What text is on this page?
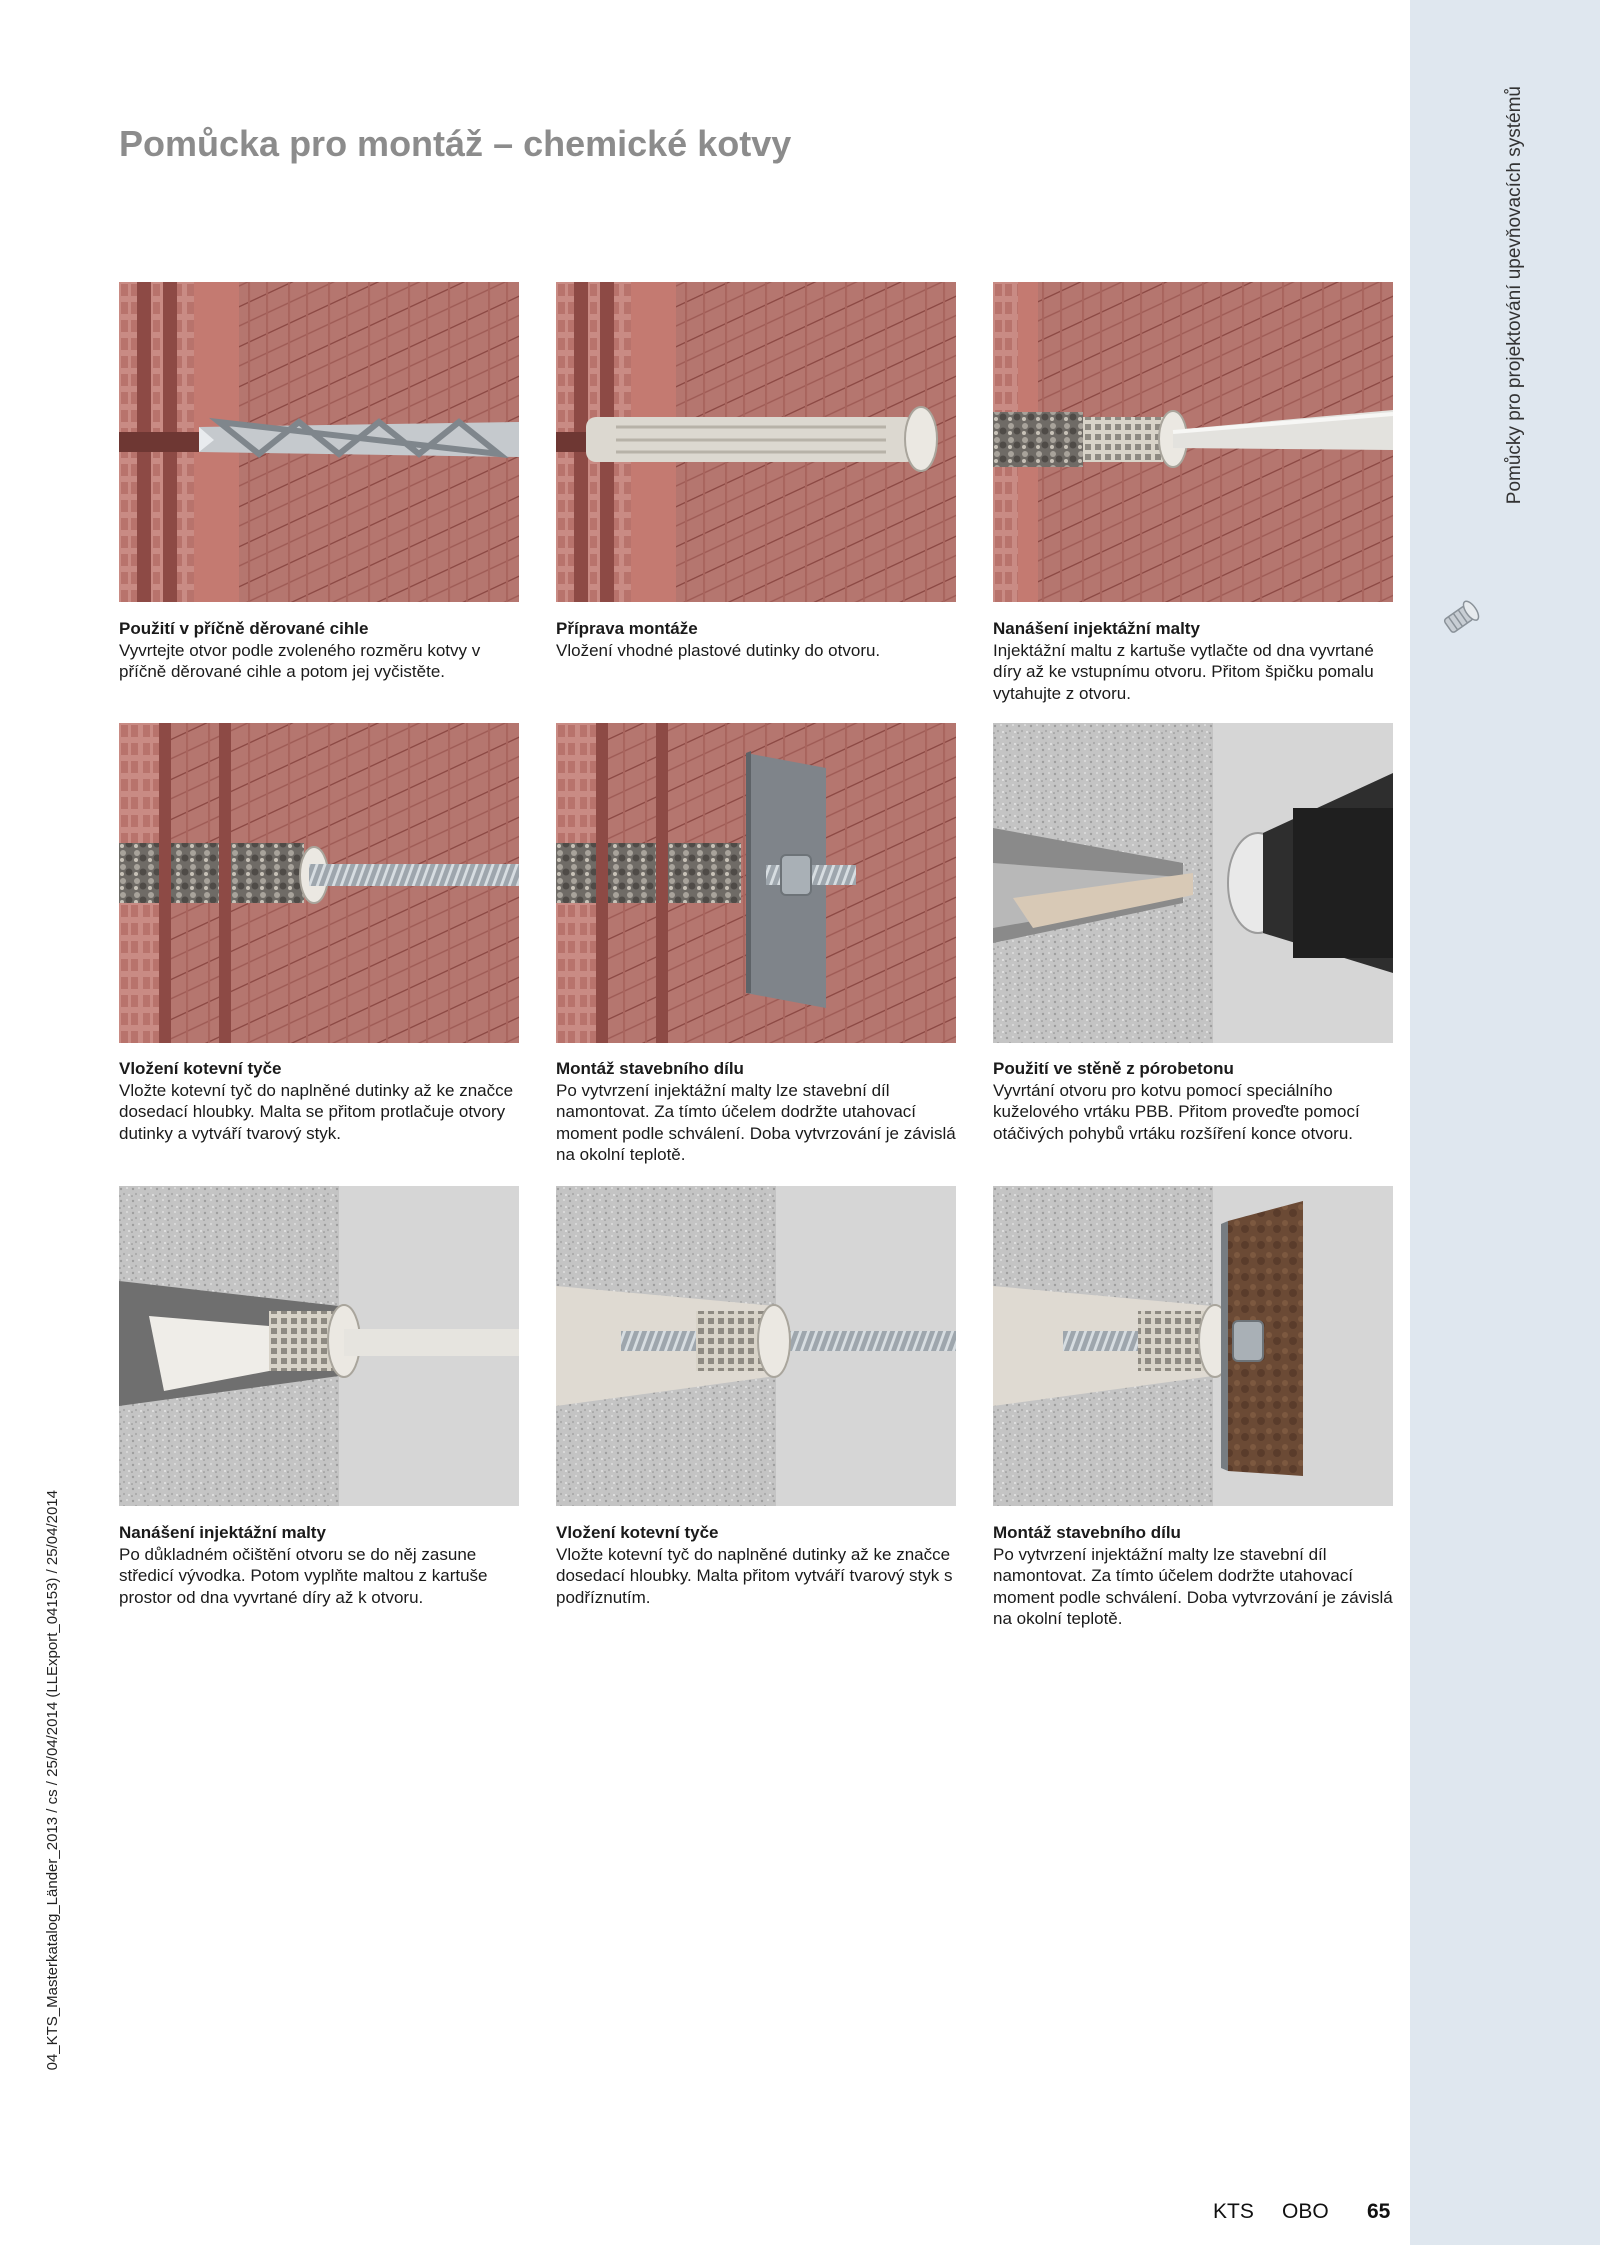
Pomůcky pro projektování upevňovacích systémů
Pomůcka pro montáž – chemické kotvy
Použití v příčně děrované cihle
Vyvrtejte otvor podle zvoleného rozměru kotvy v příčně děrované cihle a potom jej vyčistěte.
Příprava montáže
Vložení vhodné plastové dutinky do otvoru.
Nanášení injektážní malty
Injektážní maltu z kartuše vytlačte od dna vyvrtané díry až ke vstupnímu otvoru. Přitom špičku pomalu vytahujte z otvoru.
Vložení kotevní tyče
Vložte kotevní tyč do naplněné dutinky až ke značce dosedací hloubky. Malta se přitom protlačuje otvory dutinky a vytváří tvarový styk.
Montáž stavebního dílu
Po vytvrzení injektážní malty lze stavební díl namontovat. Za tímto účelem dodržte utahovací moment podle schválení. Doba vytvrzování je závislá na okolní teplotě.
Použití ve stěně z pórobetonu
Vyvrtání otvoru pro kotvu pomocí speciálního kuželového vrtáku PBB. Přitom proveďte pomocí otáčivých pohybů vrtáku rozšíření konce otvoru.
Nanášení injektážní malty
Po důkladném očištění otvoru se do něj zasune středicí vývodka. Potom vyplňte maltou z kartuše prostor od dna vyvrtané díry až k otvoru.
Vložení kotevní tyče
Vložte kotevní tyč do naplněné dutinky až ke značce dosedací hloubky. Malta přitom vytváří tvarový styk s podříznutím.
Montáž stavebního dílu
Po vytvrzení injektážní malty lze stavební díl namontovat. Za tímto účelem dodržte utahovací moment podle schválení. Doba vytvrzování je závislá na okolní teplotě.
04_KTS_Masterkatalog_Länder_2013 / cs / 25/04/2014 (LLExport_04153) / 25/04/2014
KTS OBO 65
